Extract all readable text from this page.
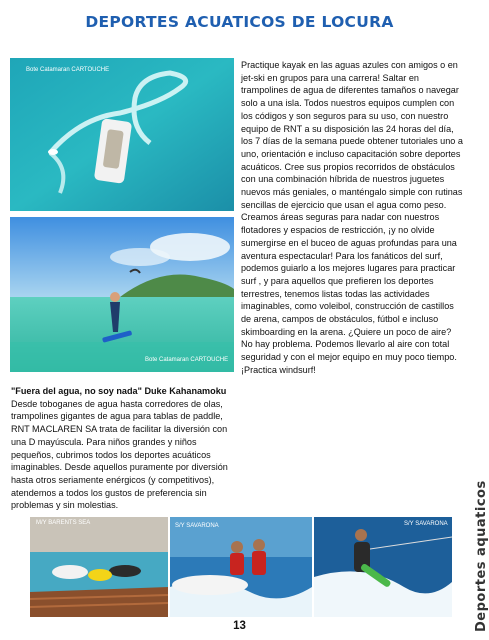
DEPORTES ACUATICOS DE LOCURA
Bote Catamaran CARTOUCHE
Bote Catamaran CARTOUCHE
M/Y BARENTS SEA	S/Y SAVARONA	S/Y SAVARONA

Practique kayak en las aguas azules con amigos o en jet-ski en grupos para una carrera! Saltar en trampolines de agua de diferentes tamaños o navegar solo a una isla. Todos nuestros equipos cumplen con los códigos y son seguros para su uso, con nuestro equipo de RNT a su disposición las 24 horas del día, los 7 días de la semana puede obtener tutoriales uno a uno, orientación e incluso capacitación sobre deportes acuáticos. Cree sus propios recorridos de obstáculos con una combinación híbrida de nuestros juguetes nuevos más geniales, o manténgalo simple con rutinas sencillas de ejercicio que usan el agua como peso. Creamos áreas seguras para nadar con nuestros flotadores y espacios de restricción, ¡y no olvide sumergirse en el buceo de aguas profundas para una aventura espectacular! Para los fanáticos del surf, podemos guiarlo a los mejores lugares para practicar surf , y para aquellos que prefieren los deportes terrestres, tenemos listas todas las actividades imaginables, como voleibol, construcción de castillos de arena, campos de obstáculos, fútbol e incluso skimboarding en la arena. ¿Quiere un poco de aire? No hay problema. Podemos llevarlo al aire con total seguridad y con el mejor equipo en muy poco tiempo. ¡Practica windsurf!

"Fuera del agua, no soy nada" Duke Kahanamoku

Desde toboganes de agua hasta corredores de olas, trampolines gigantes de agua para tablas de paddle, RNT MACLAREN SA trata de facilitar la diversión con una D mayúscula. Para niños grandes y niños pequeños, cubrimos todos los deportes acuáticos imaginables. Desde aquellos puramente por diversión hasta otros seriamente enérgicos (y competitivos), atendemos a todos los gustos de preferencia sin problemas y sin molestias.	Deportes aquaticos
13
